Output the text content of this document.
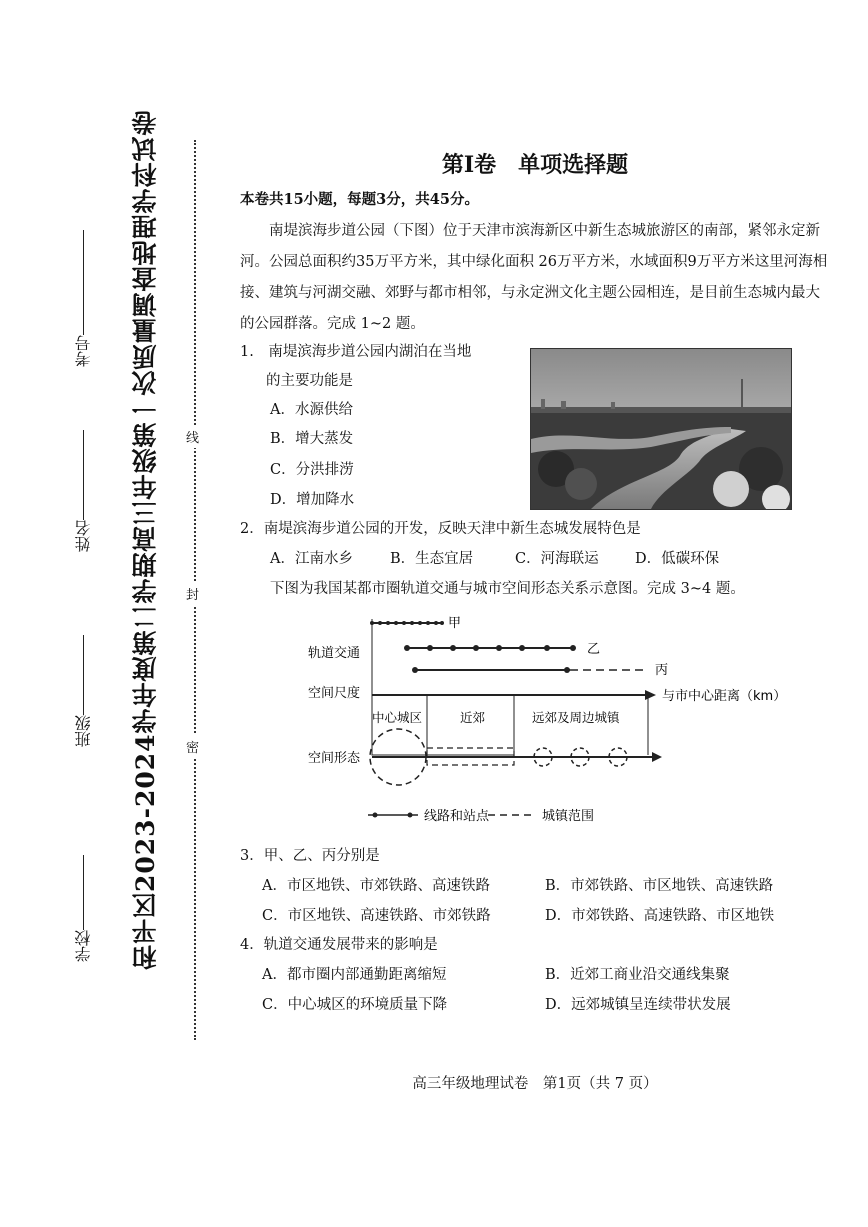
和平区2023-2024学年度第二学期高三年级第一次质量调查地理学科试卷
学校
班级
姓名
考号
线
封
密
第Ⅰ卷　单项选择题
本卷共15小题，每题3分，共45分。
南堤滨海步道公园（下图）位于天津市滨海新区中新生态城旅游区的南部，紧邻永定新河。公园总面积约35万平方米，其中绿化面积 26万平方米，水域面积9万平方米这里河海相接、建筑与河湖交融、郊野与都市相邻，与永定洲文化主题公园相连，是目前生态城内最大的公园群落。完成 1~2 题。
1.　南堤滨海步道公园内湖泊在当地
的主要功能是
A．水源供给
B．增大蒸发
C．分洪排涝
D．增加降水
2．南堤滨海步道公园的开发，反映天津中新生态城发展特色是
A．江南水乡	B．生态宜居	C．河海联运	D．低碳环保
下图为我国某都市圈轨道交通与城市空间形态关系示意图。完成 3~4 题。
甲
乙
丙
轨道交通
空间尺度
空间形态
与市中心距离（km）
中心城区	近郊	远郊及周边城镇
线路和站点	城镇范围
3．甲、乙、丙分别是
A．市区地铁、市郊铁路、高速铁路	B．市郊铁路、市区地铁、高速铁路
C．市区地铁、高速铁路、市郊铁路	D．市郊铁路、高速铁路、市区地铁
4．轨道交通发展带来的影响是
A．都市圈内部通勤距离缩短	B．近郊工商业沿交通线集聚
C．中心城区的环境质量下降	D．远郊城镇呈连续带状发展
高三年级地理试卷　第1页（共 7 页）
